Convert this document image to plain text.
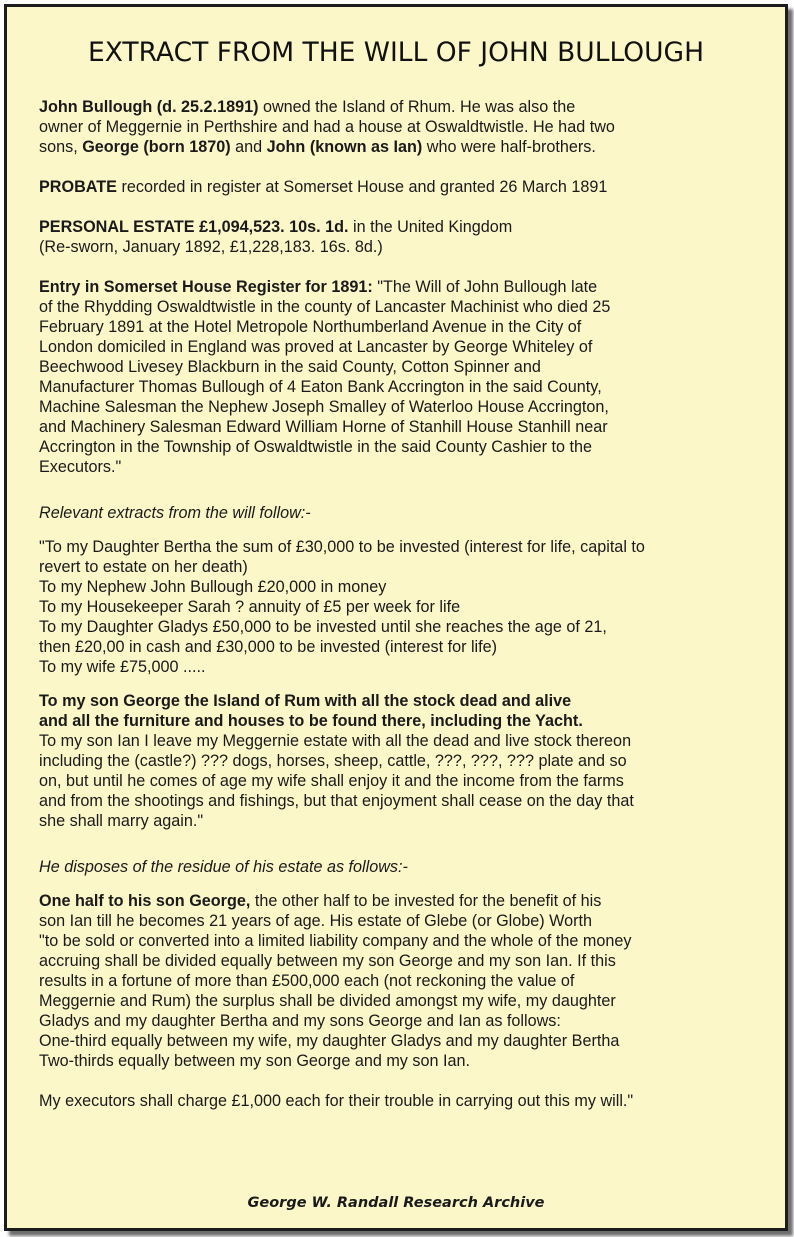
EXTRACT FROM THE WILL OF JOHN BULLOUGH
John Bullough (d. 25.2.1891) owned the Island of Rhum. He was also the
owner of Meggernie in Perthshire and had a house at Oswaldtwistle. He had two
sons, George (born 1870) and John (known as Ian) who were half-brothers.
PROBATE recorded in register at Somerset House and granted 26 March 1891
PERSONAL ESTATE £1,094,523. 10s. 1d. in the United Kingdom
(Re-sworn, January 1892, £1,228,183. 16s. 8d.)
Entry in Somerset House Register for 1891: "The Will of John Bullough late
of the Rhydding Oswaldtwistle in the county of Lancaster Machinist who died 25
February 1891 at the Hotel Metropole Northumberland Avenue in the City of
London domiciled in England was proved at Lancaster by George Whiteley of
Beechwood Livesey Blackburn in the said County, Cotton Spinner and
Manufacturer Thomas Bullough of 4 Eaton Bank Accrington in the said County,
Machine Salesman the Nephew Joseph Smalley of Waterloo House Accrington,
and Machinery Salesman Edward William Horne of Stanhill House Stanhill near
Accrington in the Township of Oswaldtwistle in the said County Cashier to the
Executors."
Relevant extracts from the will follow:-
"To my Daughter Bertha the sum of £30,000 to be invested (interest for life, capital to
revert to estate on her death)
To my Nephew John Bullough £20,000 in money
To my Housekeeper Sarah ? annuity of £5 per week for life
To my Daughter Gladys £50,000 to be invested until she reaches the age of 21,
then £20,00 in cash and £30,000 to be invested (interest for life)
To my wife £75,000 .....
To my son George the Island of Rum with all the stock dead and alive
and all the furniture and houses to be found there, including the Yacht.
To my son Ian I leave my Meggernie estate with all the dead and live stock thereon
including the (castle?) ??? dogs, horses, sheep, cattle, ???, ???, ??? plate and so
on, but until he comes of age my wife shall enjoy it and the income from the farms
and from the shootings and fishings, but that enjoyment shall cease on the day that
she shall marry again."
He disposes of the residue of his estate as follows:-
One half to his son George, the other half to be invested for the benefit of his
son Ian till he becomes 21 years of age. His estate of Glebe (or Globe) Worth
"to be sold or converted into a limited liability company and the whole of the money
accruing shall be divided equally between my son George and my son Ian. If this
results in a fortune of more than £500,000 each (not reckoning the value of
Meggernie and Rum) the surplus shall be divided amongst my wife, my daughter
Gladys and my daughter Bertha and my sons George and Ian as follows:
One-third equally between my wife, my daughter Gladys and my daughter Bertha
Two-thirds equally between my son George and my son Ian.
My executors shall charge £1,000 each for their trouble in carrying out this my will."
George W. Randall Research Archive
